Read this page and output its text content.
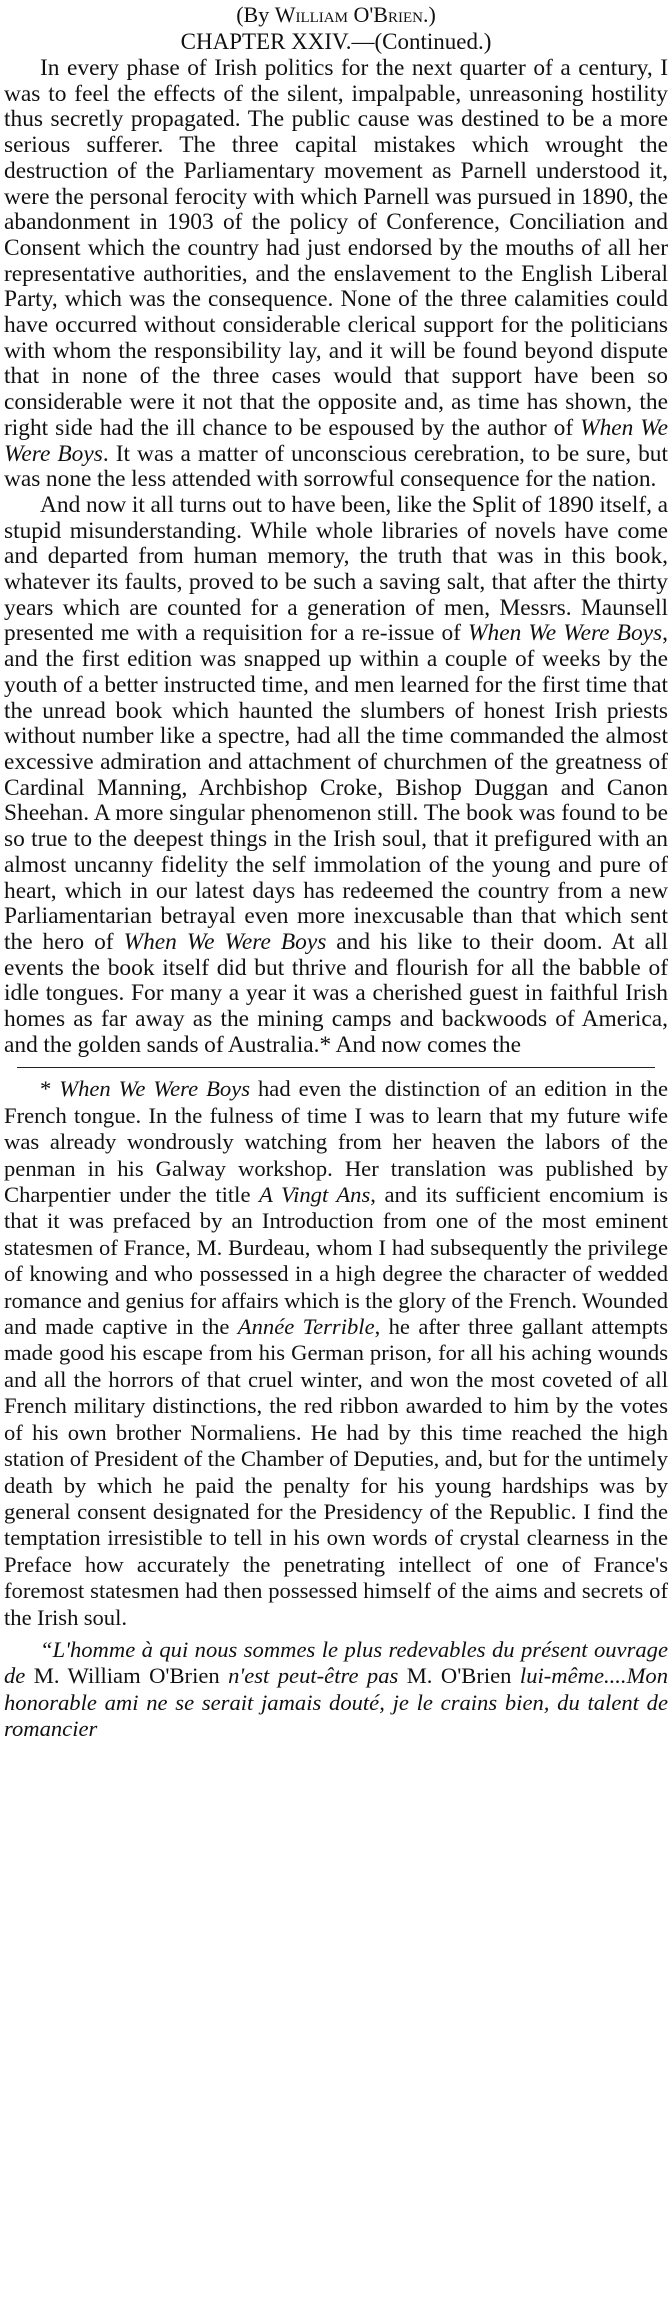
(By William O'Brien.)

CHAPTER XXIV.—(Continued.)

In every phase of Irish politics for the next quarter of a century, I was to feel the effects of the silent, impalpable, unreasoning hostility thus secretly propagated. The public cause was destined to be a more serious sufferer. The three capital mistakes which wrought the destruction of the Parliamentary movement as Parnell understood it, were the personal ferocity with which Parnell was pursued in 1890, the abandonment in 1903 of the policy of Conference, Conciliation and Consent which the country had just endorsed by the mouths of all her representative authorities, and the enslavement to the English Liberal Party, which was the consequence. None of the three calamities could have occurred without considerable clerical support for the politicians with whom the responsibility lay, and it will be found beyond dispute that in none of the three cases would that support have been so considerable were it not that the opposite and, as time has shown, the right side had the ill chance to be espoused by the author of When We Were Boys. It was a matter of unconscious cerebration, to be sure, but was none the less attended with sorrowful consequence for the nation.

And now it all turns out to have been, like the Split of 1890 itself, a stupid misunderstanding. While whole libraries of novels have come and departed from human memory, the truth that was in this book, whatever its faults, proved to be such a saving salt, that after the thirty years which are counted for a generation of men, Messrs. Maunsell presented me with a requisition for a re-issue of When We Were Boys, and the first edition was snapped up within a couple of weeks by the youth of a better instructed time, and men learned for the first time that the unread book which haunted the slumbers of honest Irish priests without number like a spectre, had all the time commanded the almost excessive admiration and attachment of churchmen of the greatness of Cardinal Manning, Archbishop Croke, Bishop Duggan and Canon Sheehan. A more singular phenomenon still. The book was found to be so true to the deepest things in the Irish soul, that it prefigured with an almost uncanny fidelity the self immolation of the young and pure of heart, which in our latest days has redeemed the country from a new Parliamentarian betrayal even more inexcusable than that which sent the hero of When We Were Boys and his like to their doom. At all events the book itself did but thrive and flourish for all the babble of idle tongues. For many a year it was a cherished guest in faithful Irish homes as far away as the mining camps and backwoods of America, and the golden sands of Australia.* And now comes the

* When We Were Boys had even the distinction of an edition in the French tongue. In the fulness of time I was to learn that my future wife was already wondrously watching from her heaven the labors of the penman in his Galway workshop. Her translation was published by Charpentier under the title A Vingt Ans, and its sufficient encomium is that it was prefaced by an Introduction from one of the most eminent statesmen of France, M. Burdeau, whom I had subsequently the privilege of knowing and who possessed in a high degree the character of wedded romance and genius for affairs which is the glory of the French. Wounded and made captive in the Année Terrible, he after three gallant attempts made good his escape from his German prison, for all his aching wounds and all the horrors of that cruel winter, and won the most coveted of all French military distinctions, the red ribbon awarded to him by the votes of his own brother Normaliens. He had by this time reached the high station of President of the Chamber of Deputies, and, but for the untimely death by which he paid the penalty for his young hardships was by general consent designated for the Presidency of the Republic. I find the temptation irresistible to tell in his own words of crystal clearness in the Preface how accurately the penetrating intellect of one of France's foremost statesmen had then possessed himself of the aims and secrets of the Irish soul.

“L'homme à qui nous sommes le plus redevables du présent ouvrage de M. William O'Brien n'est peut-être pas M. O'Brien lui-même....Mon honorable ami ne se serait jamais douté, je le crains bien, du talent de romancier
